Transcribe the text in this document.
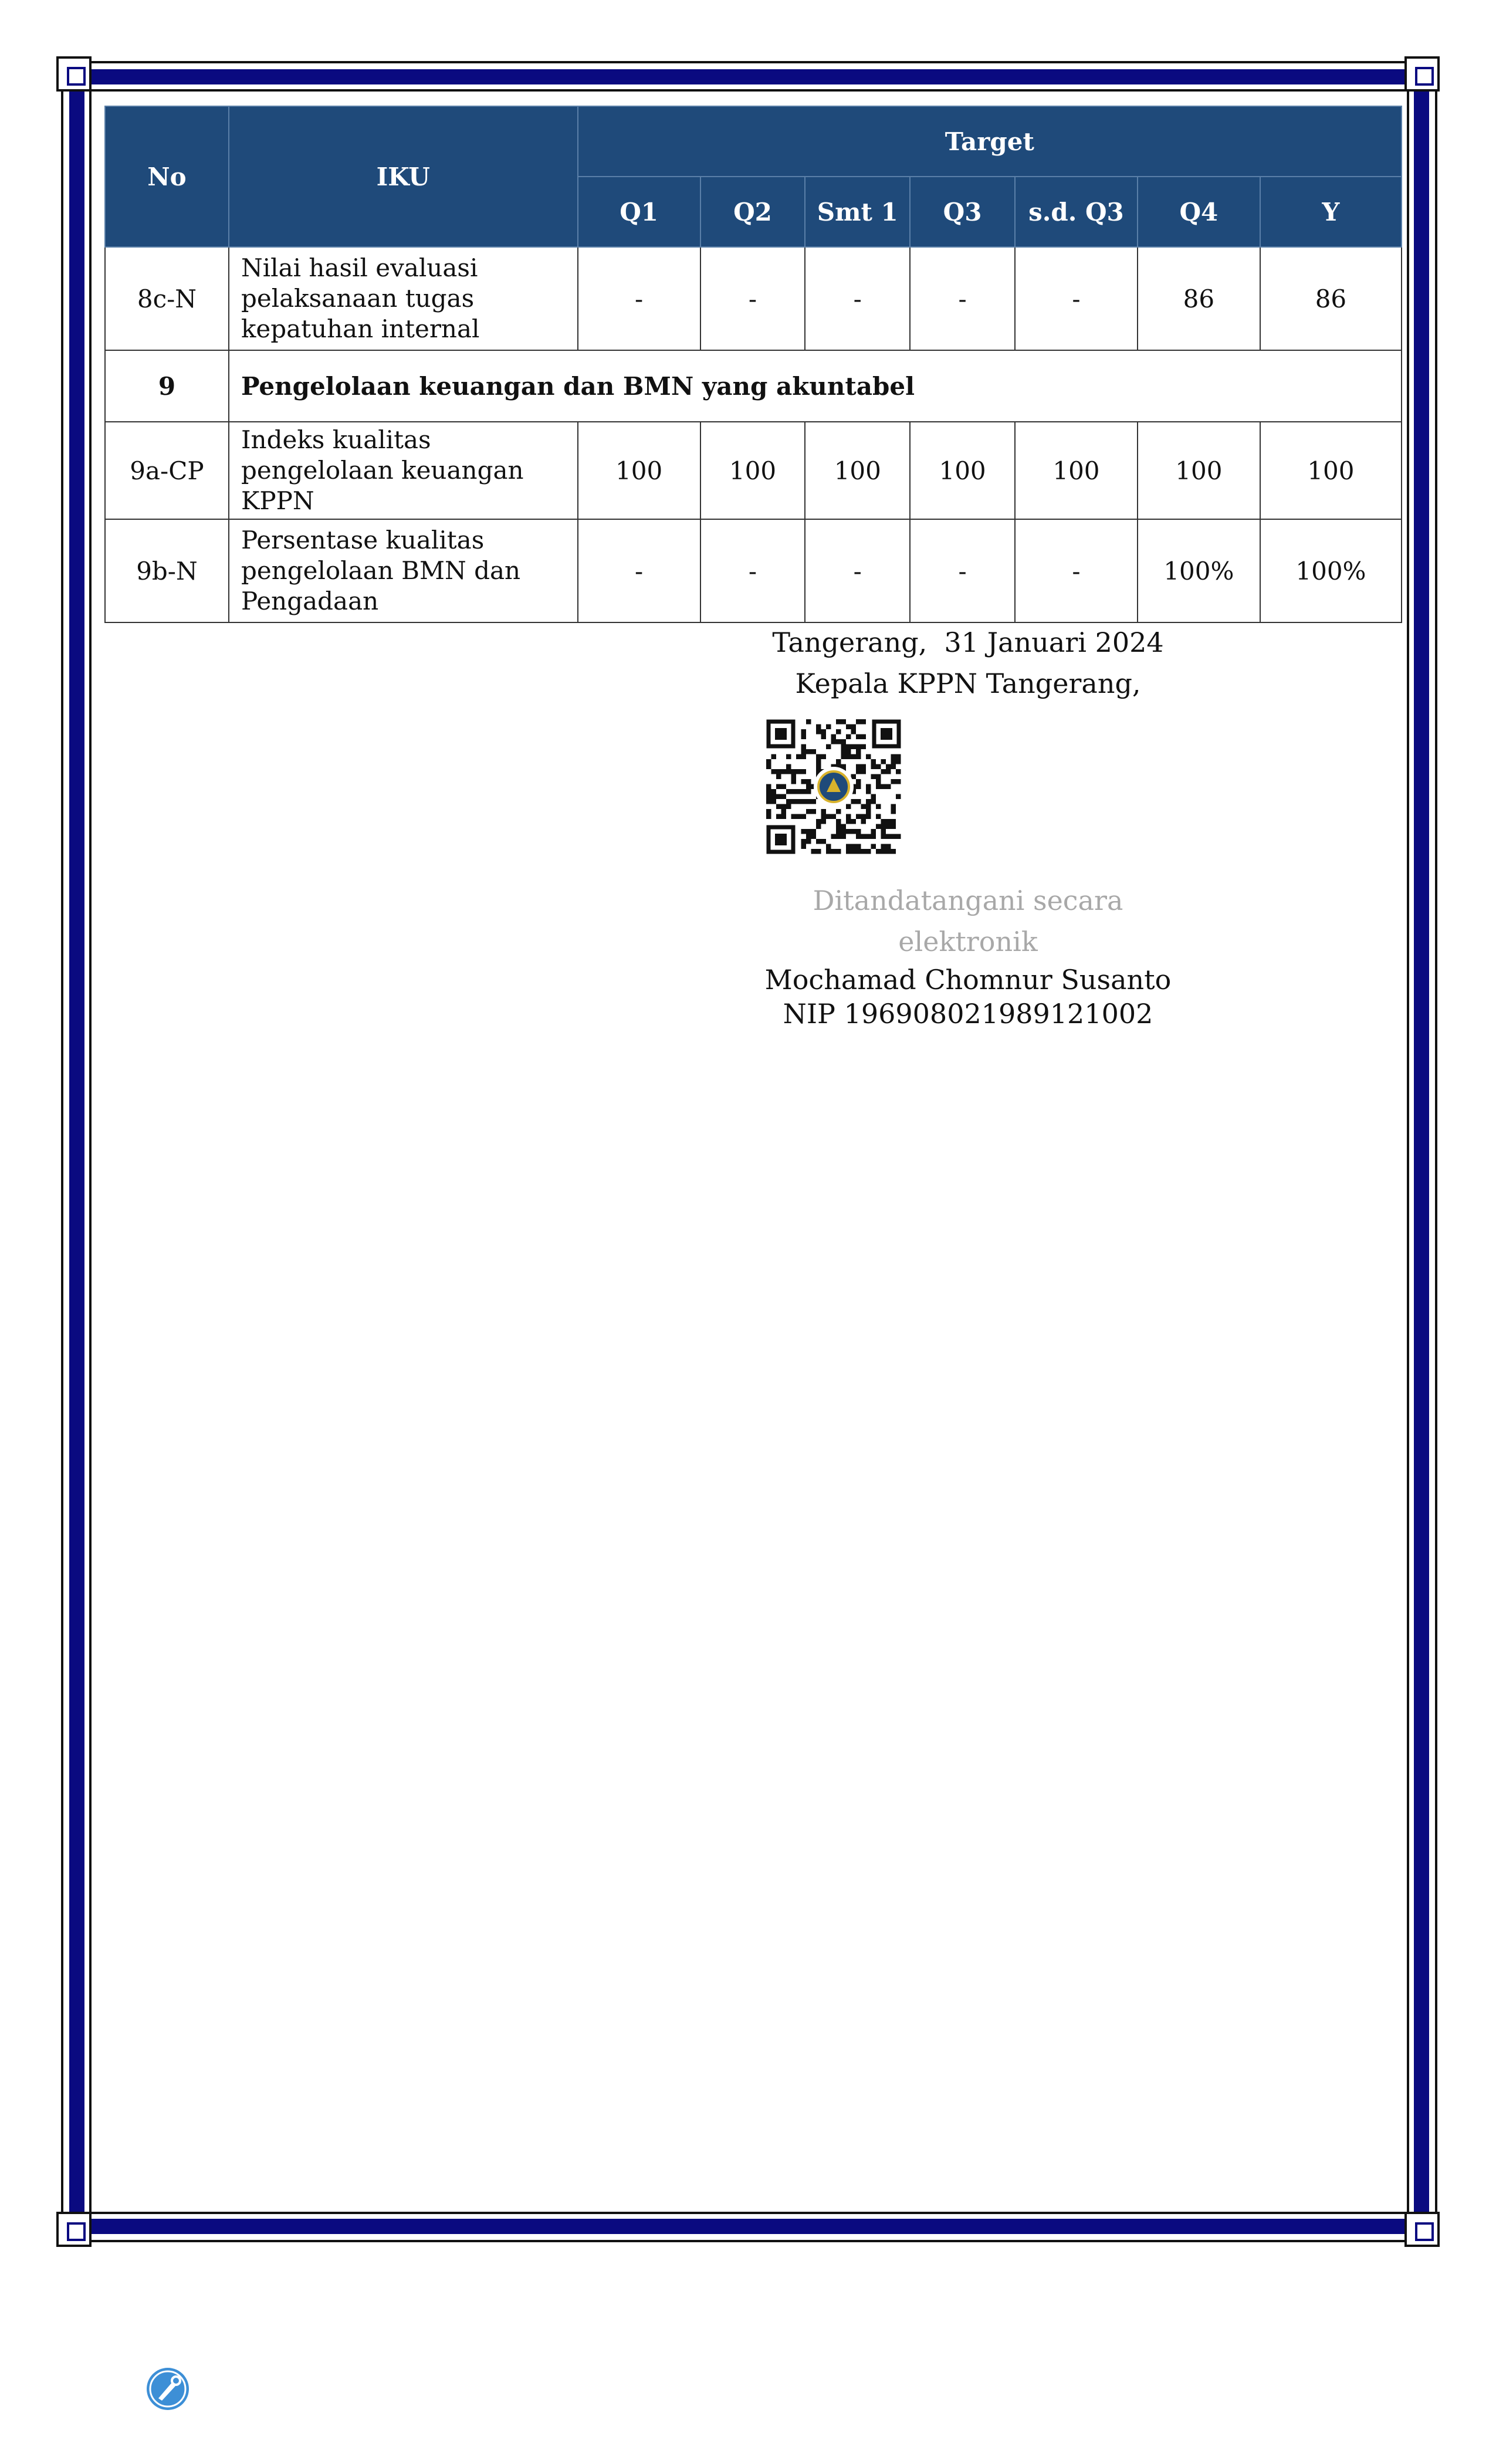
No	IKU	Target						
		Q1	Q2	Smt 1	Q3	s.d. Q3	Q4	Y
8c-N	Nilai hasil evaluasi pelaksanaan tugas kepatuhan internal	-	-	-	-	-	86	86
9	Pengelolaan keuangan dan BMN yang akuntabel							
9a-CP	Indeks kualitas pengelolaan keuangan KPPN	100	100	100	100	100	100	100
9b-N	Persentase kualitas pengelolaan BMN dan Pengadaan	-	-	-	-	-	100%	100%
Tangerang,  31 Januari 2024
Kepala KPPN Tangerang,
Ditandatangani secara elektronik
Mochamad Chomnur Susanto
NIP 196908021989121002
